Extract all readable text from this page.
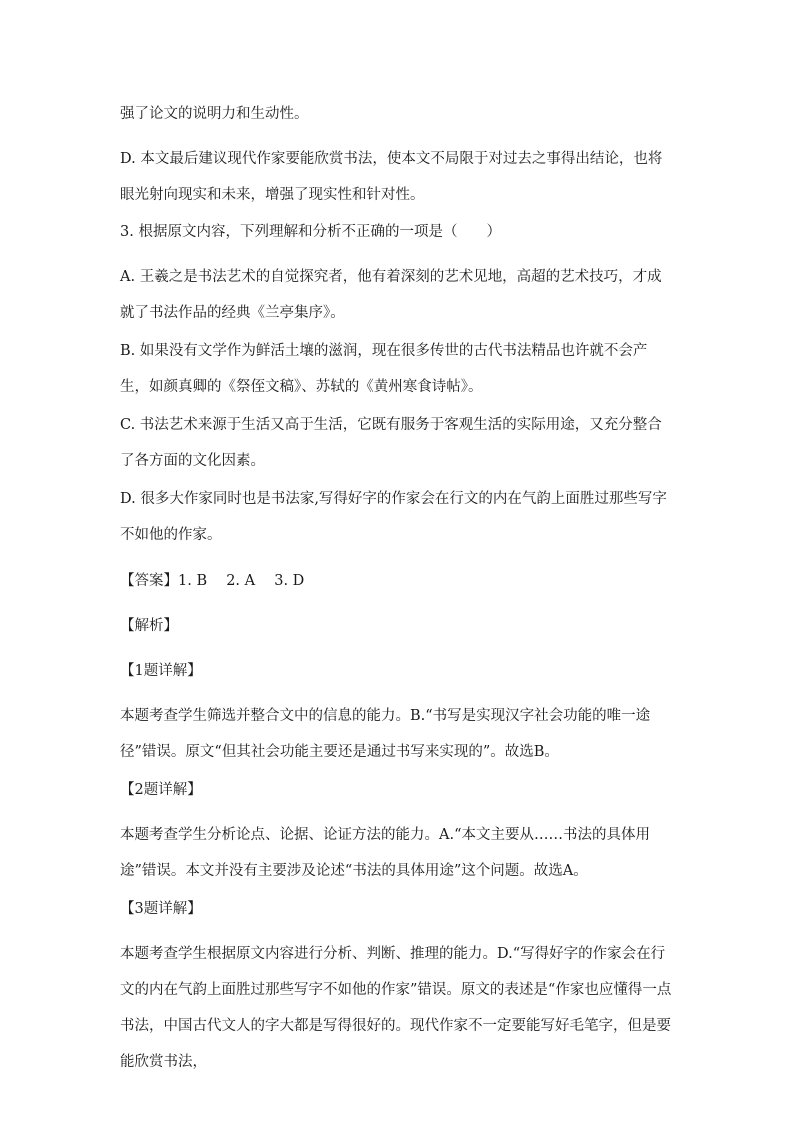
强了论文的说明力和生动性。

D. 本文最后建议现代作家要能欣赏书法，使本文不局限于对过去之事得出结论，也将眼光射向现实和未来，增强了现实性和针对性。

3. 根据原文内容，下列理解和分析不正确的一项是（　　）

A. 王羲之是书法艺术的自觉探究者，他有着深刻的艺术见地，高超的艺术技巧，才成就了书法作品的经典《兰亭集序》。

B. 如果没有文学作为鲜活土壤的滋润，现在很多传世的古代书法精品也许就不会产生，如颜真卿的《祭侄文稿》、苏轼的《黄州寒食诗帖》。

C. 书法艺术来源于生活又高于生活，它既有服务于客观生活的实际用途，又充分整合了各方面的文化因素。

D. 很多大作家同时也是书法家,写得好字的作家会在行文的内在气韵上面胜过那些写字不如他的作家。

【答案】1. B　 2. A　 3. D

【解析】

【1题详解】

本题考查学生筛选并整合文中的信息的能力。B.“书写是实现汉字社会功能的唯一途径”错误。原文“但其社会功能主要还是通过书写来实现的”。故选B。

【2题详解】

本题考查学生分析论点、论据、论证方法的能力。A.“本文主要从……书法的具体用途”错误。本文并没有主要涉及论述“书法的具体用途”这个问题。故选A。

【3题详解】

本题考查学生根据原文内容进行分析、判断、推理的能力。D.“写得好字的作家会在行文的内在气韵上面胜过那些写字不如他的作家”错误。原文的表述是“作家也应懂得一点书法，中国古代文人的字大都是写得很好的。现代作家不一定要能写好毛笔字，但是要能欣赏书法，
